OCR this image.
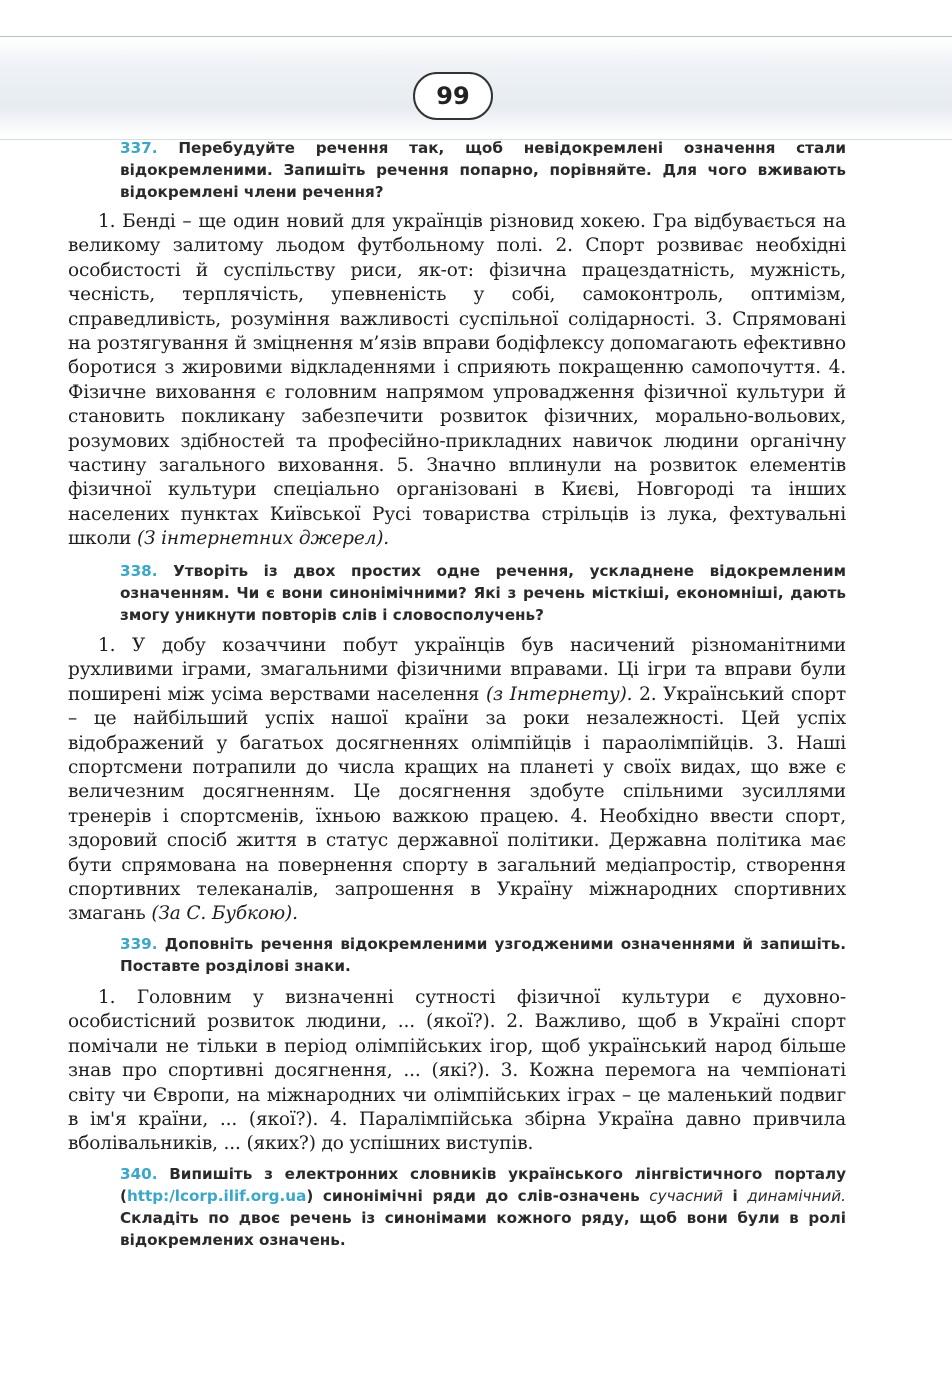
99
337. Перебудуйте речення так, щоб невідокремлені означення стали відокремленими. Запишіть речення попарно, порівняйте. Для чого вживають відокремлені члени речення?

1. Бенді – ще один новий для українців різновид хокею. Гра відбувається на великому залитому льодом футбольному полі. 2. Спорт розвиває необхідні особистості й суспільству риси, як-от: фізична працездатність, мужність, чесність, терплячість, упевненість у собі, самоконтроль, оптимізм, справедливість, розуміння важливості суспільної солідарності. 3. Спрямовані на розтягування й зміцнення м’язів вправи бодіфлексу допомагають ефективно боротися з жировими відкладеннями і сприяють покращенню самопочуття. 4. Фізичне виховання є головним напрямом упровадження фізичної культури й становить покликану забезпечити розвиток фізичних, морально-вольових, розумових здібностей та професійно-прикладних навичок людини органічну частину загального виховання. 5. Значно вплинули на розвиток елементів фізичної культури спеціально організовані в Києві, Новгороді та інших населених пунктах Київської Русі товариства стрільців із лука, фехтувальні школи (З інтернетних джерел).

338. Утворіть із двох простих одне речення, ускладнене відокремленим означенням. Чи є вони синонімічними? Які з речень місткіші, економніші, дають змогу уникнути повторів слів і словосполучень?

1. У добу козаччини побут українців був насичений різноманітними рухливими іграми, змагальними фізичними вправами. Ці ігри та вправи були поширені між усіма верствами населення (з Інтернету). 2. Український спорт – це найбільший успіх нашої країни за роки незалежності. Цей успіх відображений у багатьох досягненнях олімпійців і параолімпійців. 3. Наші спортсмени потрапили до числа кращих на планеті у своїх видах, що вже є величезним досягненням. Це досягнення здобуте спільними зусиллями тренерів і спортсменів, їхньою важкою працею. 4. Необхідно ввести спорт, здоровий спосіб життя в статус державної політики. Державна політика має бути спрямована на повернення спорту в загальний медіапростір, створення спортивних телеканалів, запрошення в Україну міжнародних спортивних змагань (За С. Бубкою).

339. Доповніть речення відокремленими узгодженими означеннями й запишіть. Поставте розділові знаки.

1. Головним у визначенні сутності фізичної культури є духовно-особистісний розвиток людини, ... (якої?). 2. Важливо, щоб в Україні спорт помічали не тільки в період олімпійських ігор, щоб український народ більше знав про спортивні досягнення, ... (які?). 3. Кожна перемога на чемпіонаті світу чи Європи, на міжнародних чи олімпійських іграх – це маленький подвиг в ім'я країни, ... (якої?). 4. Паралімпійська збірна Україна давно привчила вболівальників, ... (яких?) до успішних виступів.

340. Випишіть з електронних словників українського лінгвістичного порталу (http:/lcorp.ilif.org.ua) синонімічні ряди до слів-означень сучасний і динамічний. Складіть по двоє речень із синонімами кожного ряду, щоб вони були в ролі відокремлених означень.
